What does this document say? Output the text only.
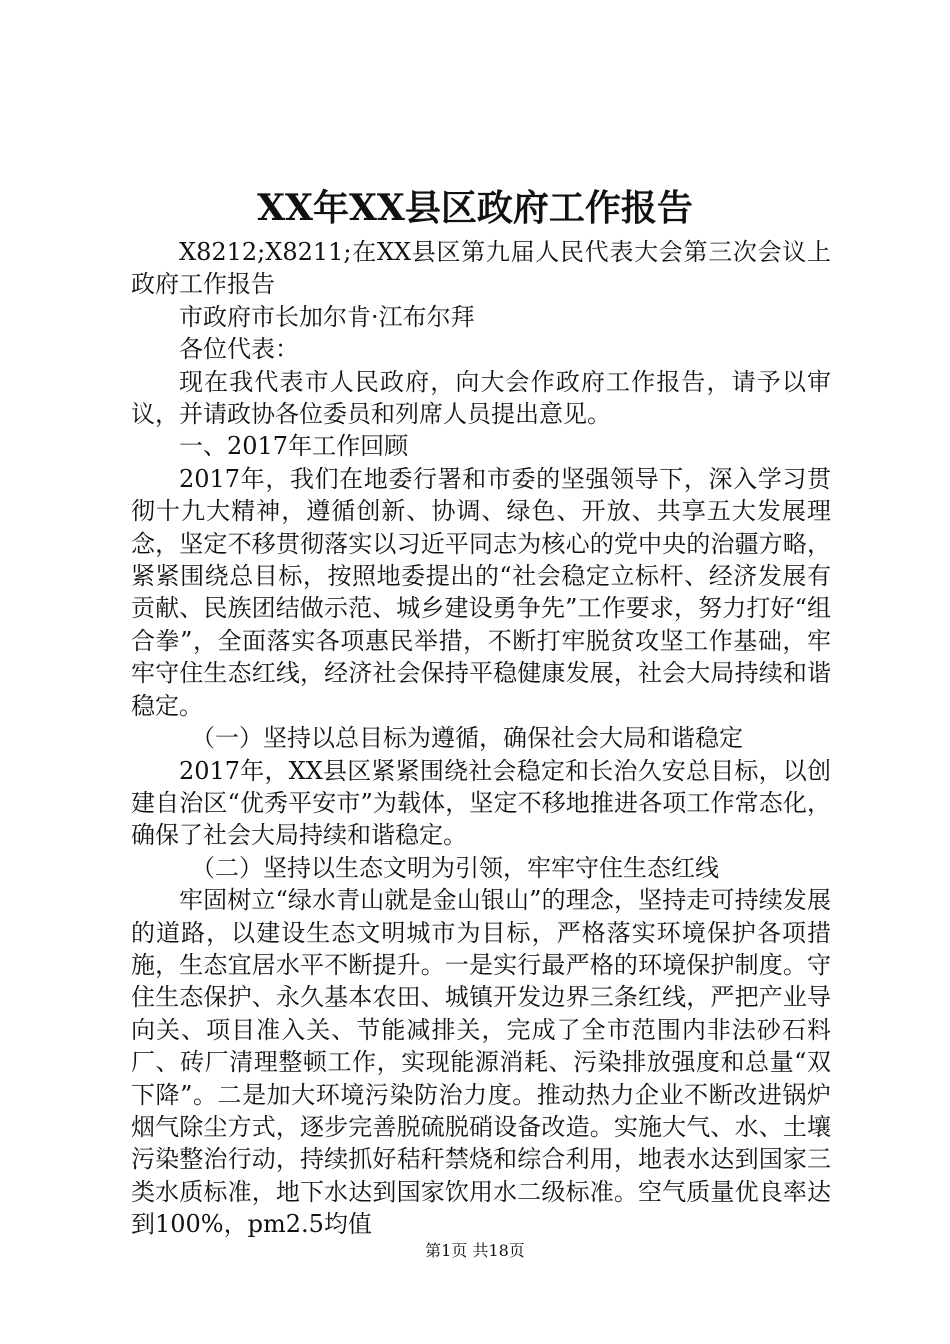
XX年XX县区政府工作报告

X8212;X8211;在XX县区第九届人民代表大会第三次会议上政府工作报告

市政府市长加尔肯·江布尔拜

各位代表：

现在我代表市人民政府，向大会作政府工作报告，请予以审议，并请政协各位委员和列席人员提出意见。

一、2017年工作回顾

2017年，我们在地委行署和市委的坚强领导下，深入学习贯彻十九大精神，遵循创新、协调、绿色、开放、共享五大发展理念，坚定不移贯彻落实以习近平同志为核心的党中央的治疆方略，紧紧围绕总目标，按照地委提出的“社会稳定立标杆、经济发展有贡献、民族团结做示范、城乡建设勇争先”工作要求，努力打好“组合拳”，全面落实各项惠民举措，不断打牢脱贫攻坚工作基础，牢牢守住生态红线，经济社会保持平稳健康发展，社会大局持续和谐稳定。

（一）坚持以总目标为遵循，确保社会大局和谐稳定

2017年，XX县区紧紧围绕社会稳定和长治久安总目标，以创建自治区“优秀平安市”为载体，坚定不移地推进各项工作常态化，确保了社会大局持续和谐稳定。

（二）坚持以生态文明为引领，牢牢守住生态红线

牢固树立“绿水青山就是金山银山”的理念，坚持走可持续发展的道路，以建设生态文明城市为目标，严格落实环境保护各项措施，生态宜居水平不断提升。一是实行最严格的环境保护制度。守住生态保护、永久基本农田、城镇开发边界三条红线，严把产业导向关、项目准入关、节能减排关，完成了全市范围内非法砂石料厂、砖厂清理整顿工作，实现能源消耗、污染排放强度和总量“双下降”。二是加大环境污染防治力度。推动热力企业不断改进锅炉烟气除尘方式，逐步完善脱硫脱硝设备改造。实施大气、水、土壤污染整治行动，持续抓好秸秆禁烧和综合利用，地表水达到国家三类水质标准，地下水达到国家饮用水二级标准。空气质量优良率达到100%，pm2.5均值

第1页 共18页
